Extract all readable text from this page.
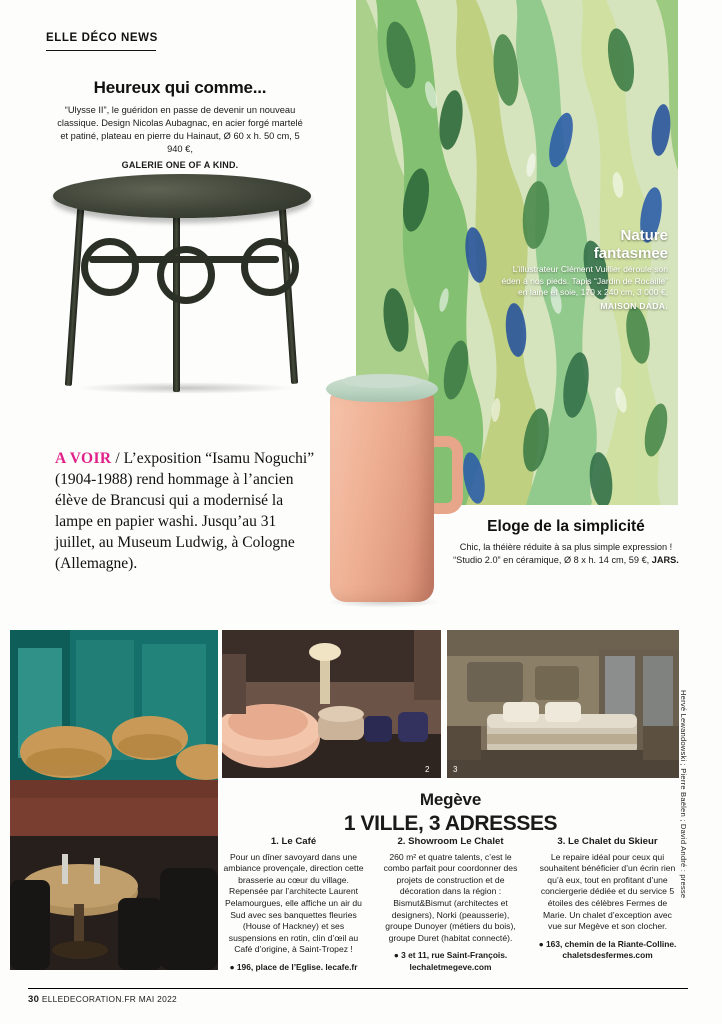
ELLE DÉCO NEWS
Heureux qui comme...

“Ulysse II”, le guéridon en passe de devenir un nouveau classique. Design Nicolas Aubagnac, en acier forgé martelé et patiné, plateau en pierre du Hainaut, Ø 60 x h. 50 cm, 5 940 €,

GALERIE ONE OF A KIND.
Nature
fantasmee

L’illustrateur Clément Vuillier déroule son éden à nos pieds. Tapis “Jardin de Rocaille” en laine et soie, 170 x 240 cm, 3 000 €,

MAISON DADA.
A VOIR / L’exposition “Isamu Noguchi” (1904-1988) rend hommage à l’ancien élève de Brancusi qui a modernisé la lampe en papier washi. Jusqu’au 31 juillet, au Museum Ludwig, à Cologne (Allemagne).
Eloge de la simplicité

Chic, la théière réduite à sa plus simple expression ! “Studio 2.0” en céramique, Ø 8 x h. 14 cm, 59 €, JARS.

2	3
Megève
1 VILLE, 3 ADRESSES
1. Le Café
Pour un dîner savoyard dans une ambiance provençale, direction cette brasserie au cœur du village. Repensée par l’architecte Laurent Pelamourgues, elle affiche un air du Sud avec ses banquettes fleuries (House of Hackney) et ses suspensions en rotin, clin d’œil au Café d’origine, à Saint-Tropez !
● 196, place de l’Eglise. lecafe.fr
2. Showroom Le Chalet
260 m² et quatre talents, c’est le combo parfait pour coordonner des projets de construction et de décoration dans la région : Bismut&Bismut (architectes et designers), Norki (peausserie), groupe Dunoyer (métiers du bois), groupe Duret (habitat connecté).
● 3 et 11, rue Saint-François. lechaletmegeve.com
3. Le Chalet du Skieur
Le repaire idéal pour ceux qui souhaitent bénéficier d’un écrin rien qu’à eux, tout en profitant d’une conciergerie dédiée et du service 5 étoiles des célèbres Fermes de Marie. Un chalet d’exception avec vue sur Megève et son clocher.
● 163, chemin de la Riante-Colline. chaletsdesfermes.com
Hervé Lewandowski ; Pierre Baëlen ; David André : presse
30 ELLEDECORATION.FR MAI 2022
